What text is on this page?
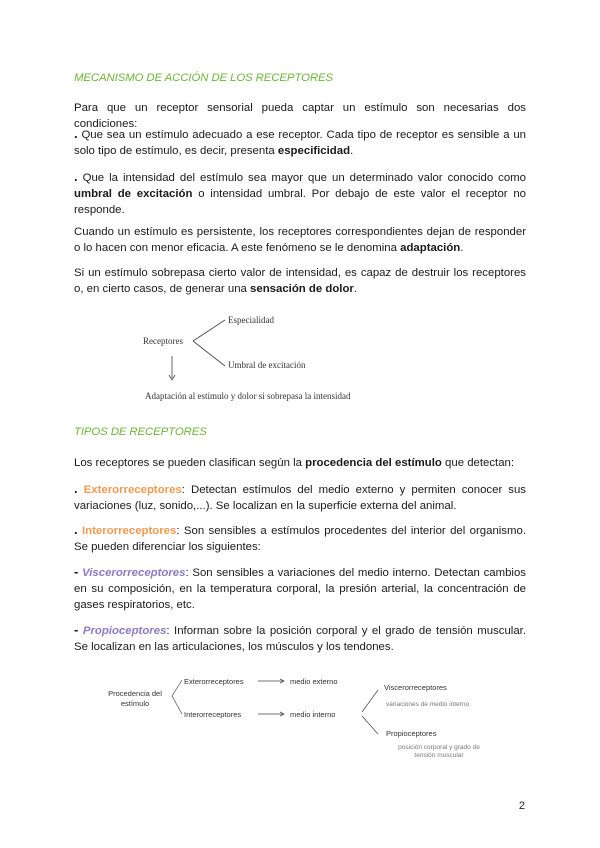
MECANISMO DE ACCIÓN DE LOS RECEPTORES
Para que un receptor sensorial pueda captar un estímulo son necesarias dos condiciones:
. Que sea un estímulo adecuado a ese receptor. Cada tipo de receptor es sensible a un solo tipo de estímulo, es decir, presenta especificidad.
. Que la intensidad del estímulo sea mayor que un determinado valor conocido como umbral de excitación o intensidad umbral. Por debajo de este valor el receptor no responde.
Cuando un estímulo es persistente, los receptores correspondientes dejan de responder o lo hacen con menor eficacia. A este fenómeno se le denomina adaptación.
Si un estímulo sobrepasa cierto valor de intensidad, es capaz de destruir los receptores o, en cierto casos, de generar una sensación de dolor.
Receptores
Especialidad
Umbral de excitación
Adaptación al estímulo y dolor si sobrepasa la intensidad
TIPOS DE RECEPTORES
Los receptores se pueden clasifican según la procedencia del estímulo que detectan:
. Exterorreceptores: Detectan estímulos del medio externo y permiten conocer sus variaciones (luz, sonido,...). Se localizan en la superficie externa del animal.
. Interorreceptores: Son sensibles a estímulos procedentes del interior del organismo. Se pueden diferenciar los siguientes:
- Viscerorreceptores: Son sensibles a variaciones del medio interno. Detectan cambios en su composición, en la temperatura corporal, la presión arterial, la concentración de gases respiratorios, etc.
- Propioceptores: Informan sobre la posición corporal y el grado de tensión muscular. Se localizan en las articulaciones, los músculos y los tendones.
Procedencia del estímulo
Exterorreceptores	medio externo
Interorreceptores	medio interno
Viscerorreceptores
variaciones de medio interno
Propioceptores
posición corporal y grado de tensión muscular
2
